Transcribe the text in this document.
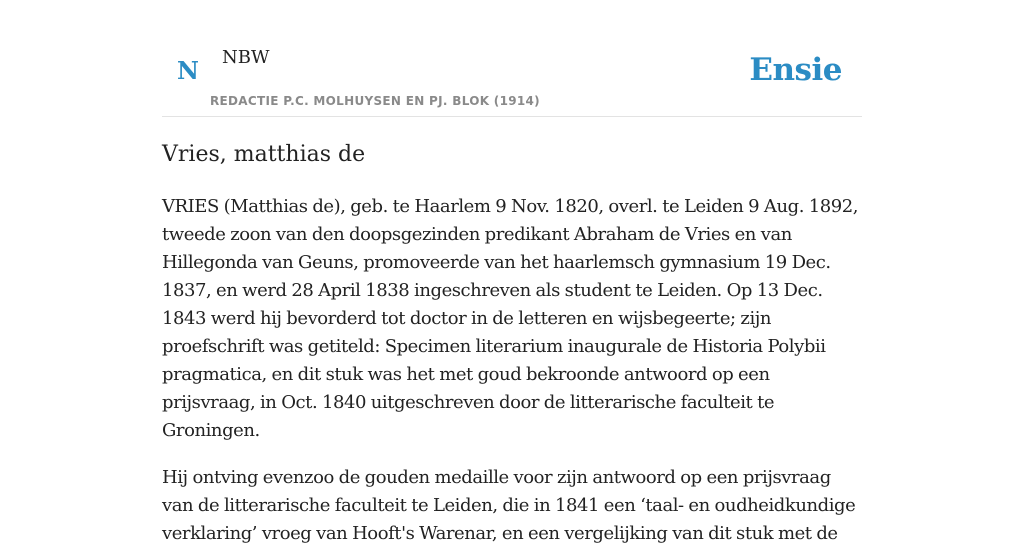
N NBW
REDACTIE P.C. MOLHUYSEN EN PJ. BLOK (1914)
Ensie
Vries, matthias de

VRIES (Matthias de), geb. te Haarlem 9 Nov. 1820, overl. te Leiden 9 Aug. 1892, tweede zoon van den doopsgezinden predikant Abraham de Vries en van Hillegonda van Geuns, promoveerde van het haarlemsch gymnasium 19 Dec. 1837, en werd 28 April 1838 ingeschreven als student te Leiden. Op 13 Dec. 1843 werd hij bevorderd tot doctor in de letteren en wijsbegeerte; zijn proefschrift was getiteld: Specimen literarium inaugurale de Historia Polybii pragmatica, en dit stuk was het met goud bekroonde antwoord op een prijsvraag, in Oct. 1840 uitgeschreven door de litterarische faculteit te Groningen.

Hij ontving evenzoo de gouden medaille voor zijn antwoord op een prijsvraag van de litterarische faculteit te Leiden, die in 1841 een ‘taal- en oudheidkundige verklaring’ vroeg van Hooft's Warenar, en een vergelijking van dit stuk met de
